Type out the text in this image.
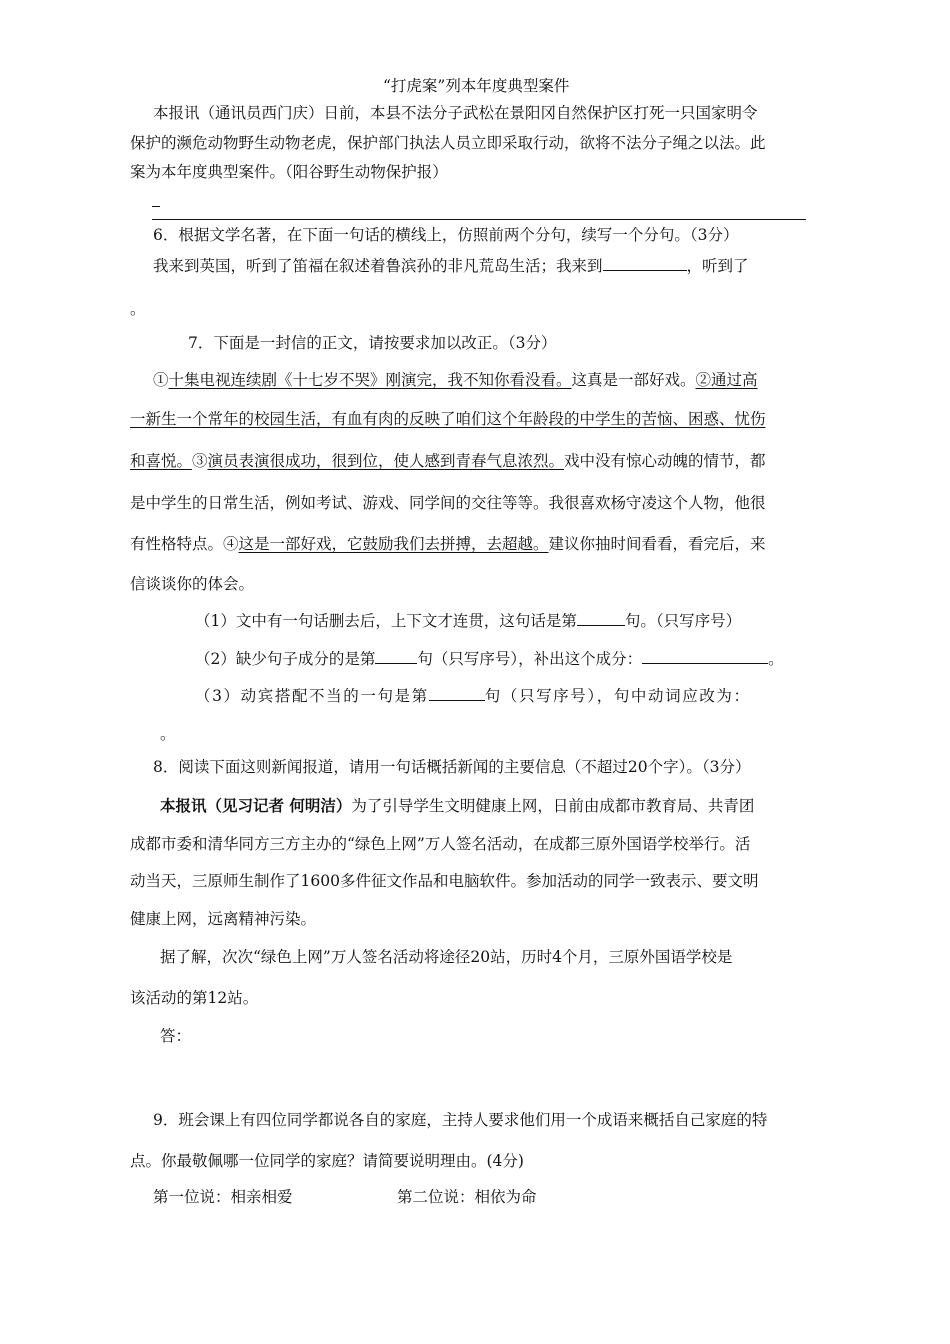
“打虎案”列本年度典型案件
本报讯（通讯员西门庆）日前，本县不法分子武松在景阳冈自然保护区打死一只国家明令
保护的濒危动物野生动物老虎，保护部门执法人员立即采取行动，欲将不法分子绳之以法。此
案为本年度典型案件。（阳谷野生动物保护报）
6．根据文学名著，在下面一句话的横线上，仿照前两个分句，续写一个分句。（3分）
我来到英国，听到了笛福在叙述着鲁滨孙的非凡荒岛生活；我来到	，听到了
。
7．下面是一封信的正文，请按要求加以改正。（3分）
①十集电视连续剧《十七岁不哭》刚演完，我不知你看没看。这真是一部好戏。②通过高
一新生一个常年的校园生活，有血有肉的反映了咱们这个年龄段的中学生的苦恼、困惑、忧伤
和喜悦。③演员表演很成功，很到位，使人感到青春气息浓烈。戏中没有惊心动魄的情节，都
是中学生的日常生活，例如考试、游戏、同学间的交往等等。我很喜欢杨守凌这个人物，他很
有性格特点。④这是一部好戏，它鼓励我们去拼搏，去超越。建议你抽时间看看，看完后，来
信谈谈你的体会。
（1）文中有一句话删去后，上下文才连贯，这句话是第	句。（只写序号）
（2）缺少句子成分的是第	句（只写序号），补出这个成分：	。
（3）动宾搭配不当的一句是第	句（只写序号），句中动词应改为：
。
8．阅读下面这则新闻报道，请用一句话概括新闻的主要信息（不超过20个字）。（3分）
本报讯（见习记者 何明洁）为了引导学生文明健康上网，日前由成都市教育局、共青团
成都市委和清华同方三方主办的“绿色上网”万人签名活动，在成都三原外国语学校举行。活
动当天，三原师生制作了1600多件征文作品和电脑软件。参加活动的同学一致表示、要文明
健康上网，远离精神污染。
据了解，次次“绿色上网”万人签名活动将途径20站，历时4个月，三原外国语学校是
该活动的第12站。
答：
9．班会课上有四位同学都说各自的家庭，主持人要求他们用一个成语来概括自己家庭的特
点。你最敬佩哪一位同学的家庭？请简要说明理由。(4分)
第一位说：相亲相爱	第二位说：相依为命
